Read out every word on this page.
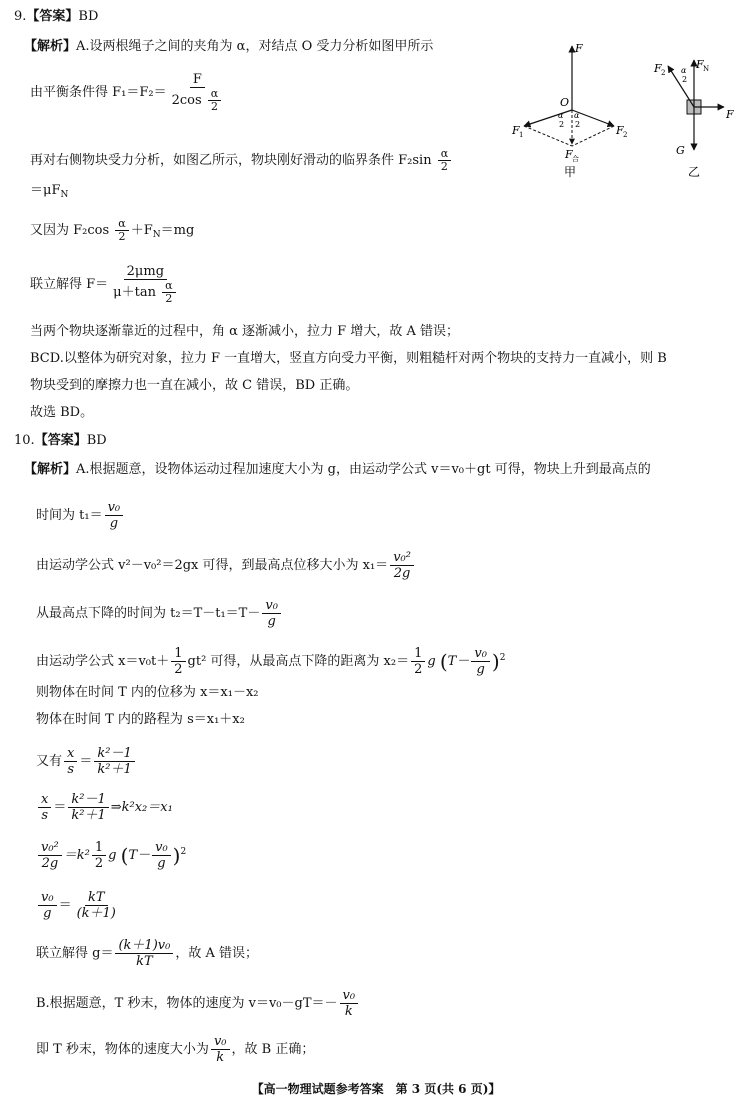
9.【答案】BD
【解析】A.设两根绳子之间的夹角为 α，对结点 O 受力分析如图甲所示
由平衡条件得 $F_1=F_2= \frac{F}{2\cos \frac{\alpha}{2}}$
再对右侧物块受力分析，如图乙所示，物块刚好滑动的临界条件 $F_2\sin \frac{\alpha}{2}$
$=\mu F_N$
又因为 $F_2\cos \frac{\alpha}{2} +F_N=mg$
联立解得 $F= \frac{\text{2μmg}}{\mu+\tan \frac{\alpha}{2}}$
当两个物块逐渐靠近的过程中，角 α 逐渐减小，拉力 F 增大，故 A 错误；
BCD.以整体为研究对象，拉力 F 一直增大，竖直方向受力平衡，则粗糙杆对两个物块的支持力一直减小，则 B
物块受到的摩擦力也一直在减小，故 C 错误，BD 正确。
故选 BD。
F
O
α
2
α
2
F 1	F 2
F 合
甲
F N
F 2 α
2
G
F
乙
10.【答案】BD
【解析】A.根据题意，设物体运动过程加速度大小为 g，由运动学公式 v＝v₀＋gt 可得，物块上升到最高点的
时间为 $t_1= \frac{\text{v₀}}{g}$
由运动学公式 v²－v₀²＝2gx 可得，到最高点位移大小为 $x_1= \frac{\text{v₀²}}{2g}$
从最高点下降的时间为 $t_2=T-t_1=T- \frac{\text{v₀}}{g}$
由运动学公式 $x=v_0t+ \frac{1}{2} gt^2$ 可得，从最高点下降的距离为 $x_2= \frac{1}{2}$ g $(T- \frac{\text{v₀}}{g} )^2$
则物体在时间 T 内的位移为 x＝x₁－x₂
物体在时间 T 内的路程为 s＝x₁＋x₂
又有 $\frac{x}{s} = \frac{\text{k²－1}}{\text{k²＋1}}$
$\frac{x}{s} = \frac{\text{k²－1}}{\text{k²＋1}}$ ⇒k²x₂＝x₁
$\frac{\text{v₀²}}{2g} =k^2 \frac{1}{2}$ g $(T- \frac{\text{v₀}}{g} )^2$
$\frac{\text{v₀}}{g} = \frac{kT}{(k+1)}$
联立解得 $g= \frac{\text{(k＋1)v₀}}{kT}$ ，故 A 错误；
B.根据题意，T 秒末，物体的速度为 $v=v_0-gT=- \frac{\text{v₀}}{k}$
即 T 秒末，物体的速度大小为 $\frac{\text{v₀}}{k}$ ，故 B 正确；
【高一物理试题参考答案　第 3 页(共 6 页)】
